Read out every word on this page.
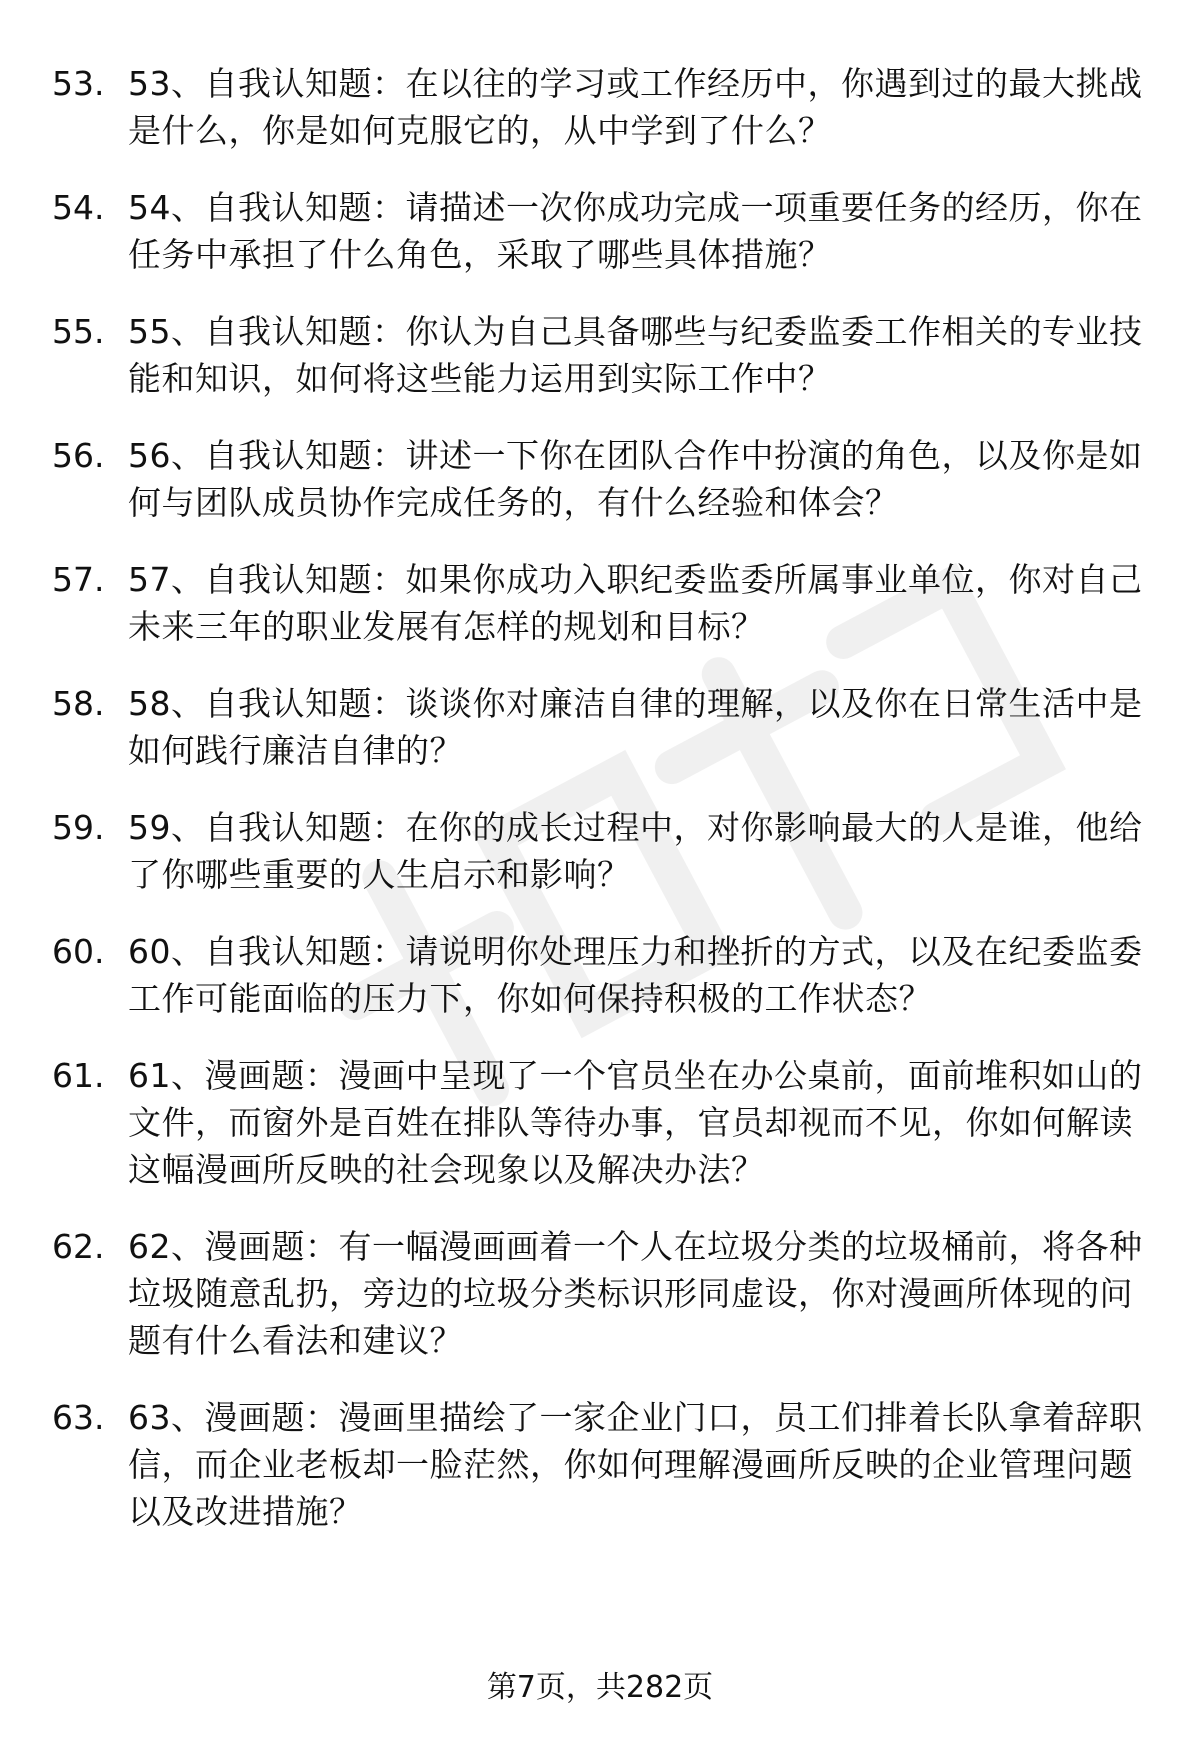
53. 53、自我认知题：在以往的学习或工作经历中，你遇到过的最大挑战是什么，你是如何克服它的，从中学到了什么？
54. 54、自我认知题：请描述一次你成功完成一项重要任务的经历，你在任务中承担了什么角色，采取了哪些具体措施？
55. 55、自我认知题：你认为自己具备哪些与纪委监委工作相关的专业技能和知识，如何将这些能力运用到实际工作中？
56. 56、自我认知题：讲述一下你在团队合作中扮演的角色，以及你是如何与团队成员协作完成任务的，有什么经验和体会？
57. 57、自我认知题：如果你成功入职纪委监委所属事业单位，你对自己未来三年的职业发展有怎样的规划和目标？
58. 58、自我认知题：谈谈你对廉洁自律的理解，以及你在日常生活中是如何践行廉洁自律的？
59. 59、自我认知题：在你的成长过程中，对你影响最大的人是谁，他给了你哪些重要的人生启示和影响？
60. 60、自我认知题：请说明你处理压力和挫折的方式，以及在纪委监委工作可能面临的压力下，你如何保持积极的工作状态？
61. 61、漫画题：漫画中呈现了一个官员坐在办公桌前，面前堆积如山的文件，而窗外是百姓在排队等待办事，官员却视而不见，你如何解读这幅漫画所反映的社会现象以及解决办法？
62. 62、漫画题：有一幅漫画画着一个人在垃圾分类的垃圾桶前，将各种垃圾随意乱扔，旁边的垃圾分类标识形同虚设，你对漫画所体现的问题有什么看法和建议？
63. 63、漫画题：漫画里描绘了一家企业门口，员工们排着长队拿着辞职信，而企业老板却一脸茫然，你如何理解漫画所反映的企业管理问题以及改进措施？
第7页，共282页
